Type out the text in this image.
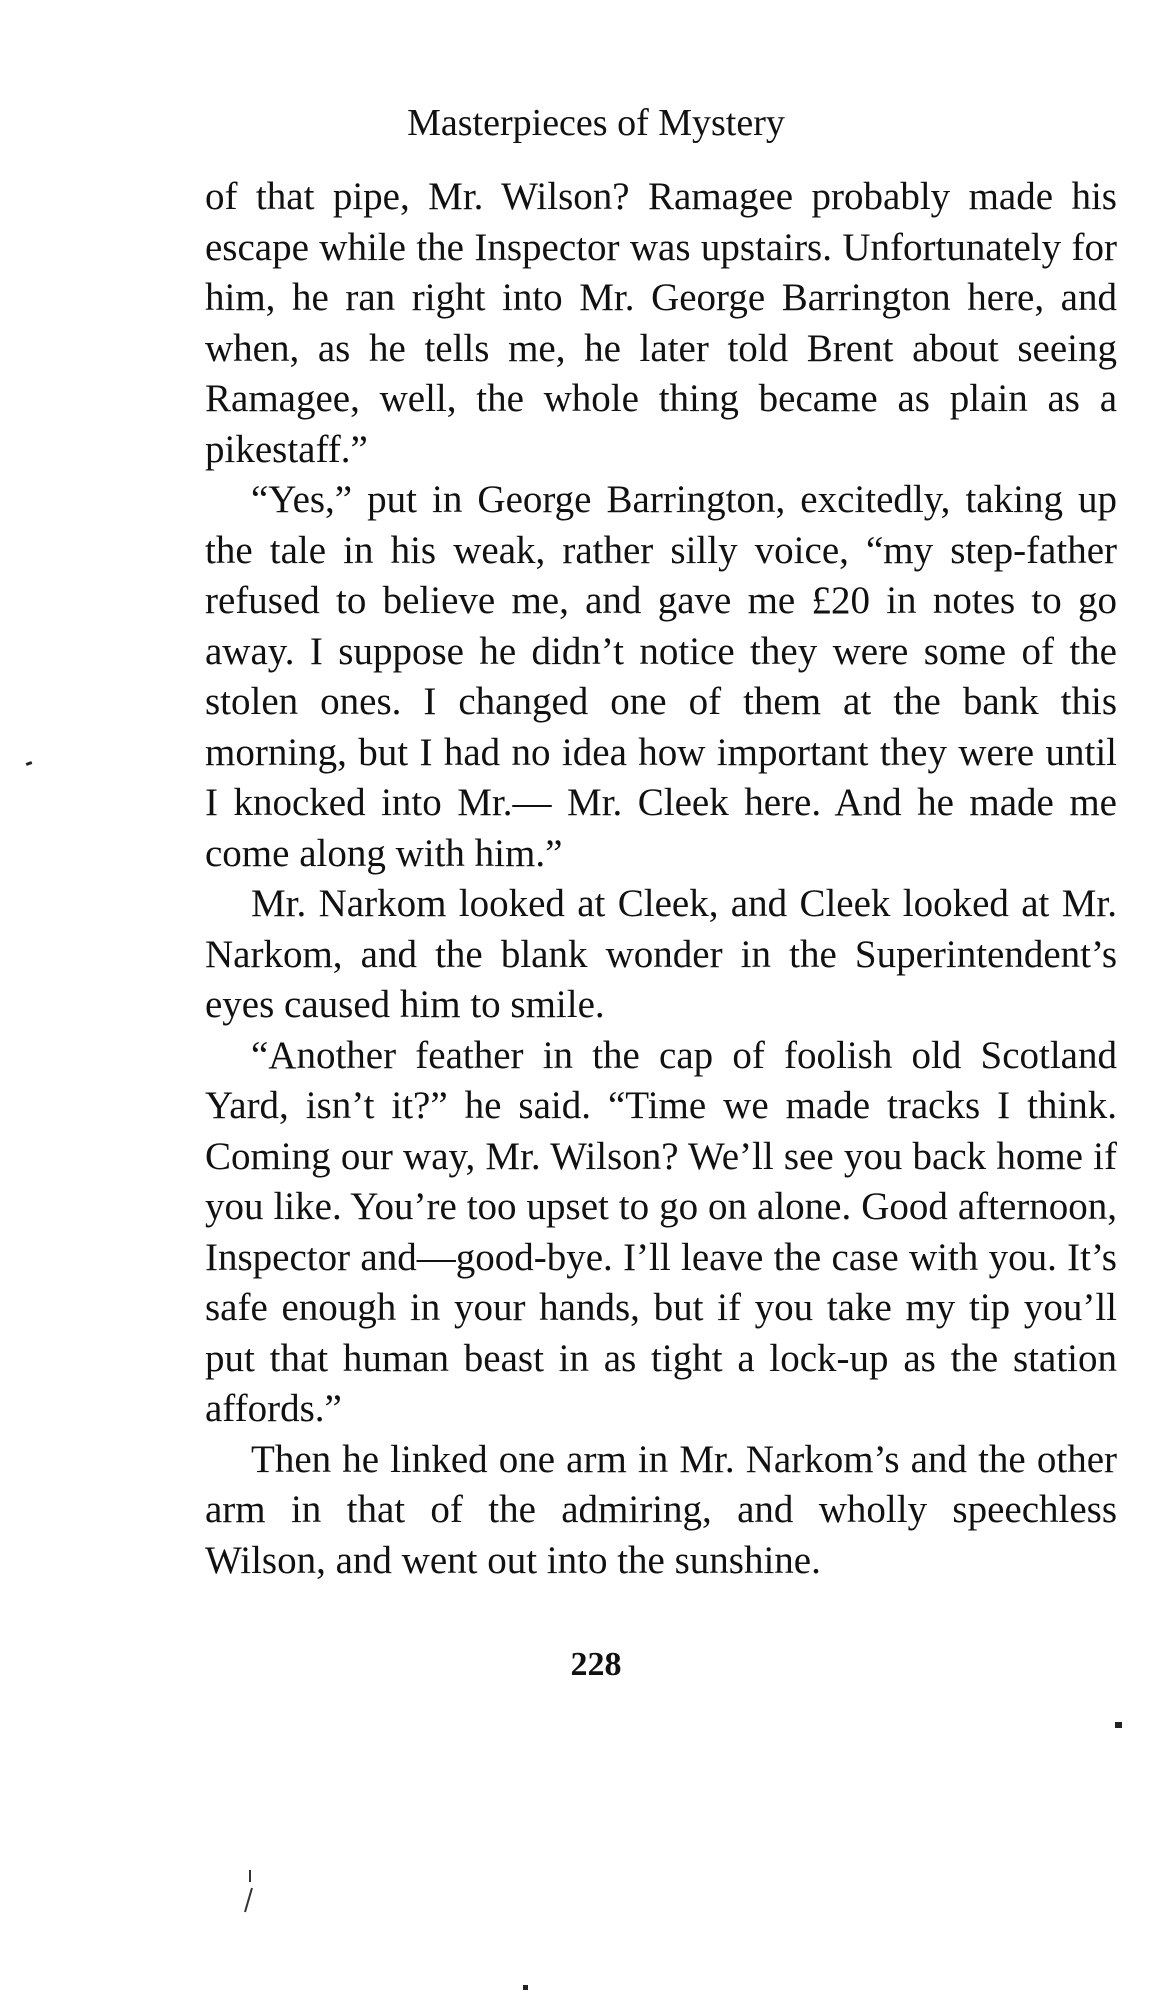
Masterpieces of Mystery

of that pipe, Mr. Wilson? Ramagee probably made his escape while the Inspector was upstairs. Unfortunately for him, he ran right into Mr. George Barrington here, and when, as he tells me, he later told Brent about seeing Ramagee, well, the whole thing became as plain as a pikestaff.”

“Yes,” put in George Barrington, excitedly, taking up the tale in his weak, rather silly voice, “my step-father refused to believe me, and gave me £20 in notes to go away. I suppose he didn’t notice they were some of the stolen ones. I changed one of them at the bank this morning, but I had no idea how important they were until I knocked into Mr.— Mr. Cleek here. And he made me come along with him.”

Mr. Narkom looked at Cleek, and Cleek looked at Mr. Narkom, and the blank wonder in the Superintendent’s eyes caused him to smile.

“Another feather in the cap of foolish old Scotland Yard, isn’t it?” he said. “Time we made tracks I think. Coming our way, Mr. Wilson? We’ll see you back home if you like. You’re too upset to go on alone. Good afternoon, Inspector and—good-bye. I’ll leave the case with you. It’s safe enough in your hands, but if you take my tip you’ll put that human beast in as tight a lock-up as the station affords.”

Then he linked one arm in Mr. Narkom’s and the other arm in that of the admiring, and wholly speechless Wilson, and went out into the sunshine.

228
